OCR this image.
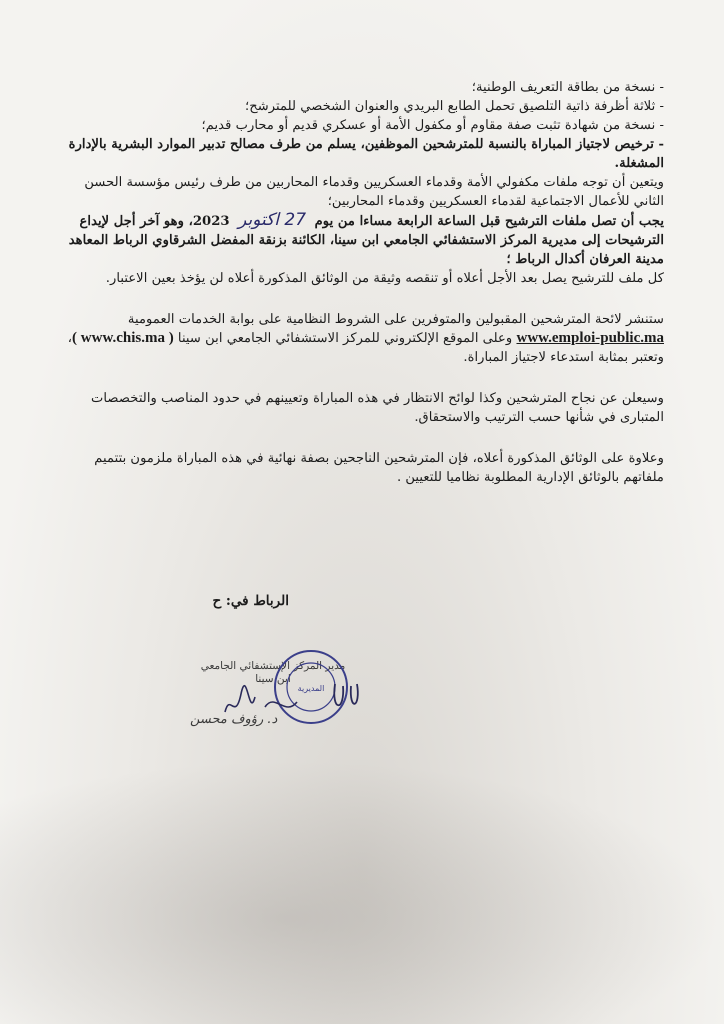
- نسخة من بطاقة التعريف الوطنية؛

- ثلاثة أظرفة ذاتية التلصيق تحمل الطابع البريدي والعنوان الشخصي للمترشح؛

- نسخة من شهادة تثبت صفة مقاوم أو مكفول الأمة أو عسكري قديم أو محارب قديم؛

- ترخيص لاجتياز المباراة بالنسبة للمترشحين الموظفين، يسلم من طرف مصالح تدبير الموارد البشرية بالإدارة المشغلة.

ويتعين أن توجه ملفات مكفولي الأمة وقدماء العسكريين وقدماء المحاربين من طرف رئيس مؤسسة الحسن الثاني للأعمال الاجتماعية لقدماء العسكريين وقدماء المحاربين؛

يجب أن تصل ملفات الترشيح قبل الساعة الرابعة مساءا من يوم 27 اكتوبر 2023، وهو آخر أجل لإيداع الترشيحات إلى مديرية المركز الاستشفائي الجامعي ابن سينا، الكائنة بزنقة المفضل الشرقاوي الرباط المعاهد مدينة العرفان أكدال الرباط ؛

كل ملف للترشيح يصل بعد الأجل أعلاه أو تنقصه وثيقة من الوثائق المذكورة أعلاه لن يؤخذ بعين الاعتبار.

ستنشر لائحة المترشحين المقبولين والمتوفرين على الشروط النظامية على بوابة الخدمات العمومية www.emploi-public.ma وعلى الموقع الإلكتروني للمركز الاستشفائي الجامعي ابن سينا ( www.chis.ma )، وتعتبر بمثابة استدعاء لاجتياز المباراة.

وسيعلن عن نجاح المترشحين وكذا لوائح الانتظار في هذه المباراة وتعيينهم في حدود المناصب والتخصصات المتبارى في شأنها حسب الترتيب والاستحقاق.

وعلاوة على الوثائق المذكورة أعلاه، فإن المترشحين الناجحين بصفة نهائية في هذه المباراة ملزمون بتتميم ملفاتهم بالوثائق الإدارية المطلوبة نظاميا للتعيين .

الرباط في: ح
مدير المركز الإستشفائي الجامعي
ابن سينا
د. رؤوف محسن
المديرية
